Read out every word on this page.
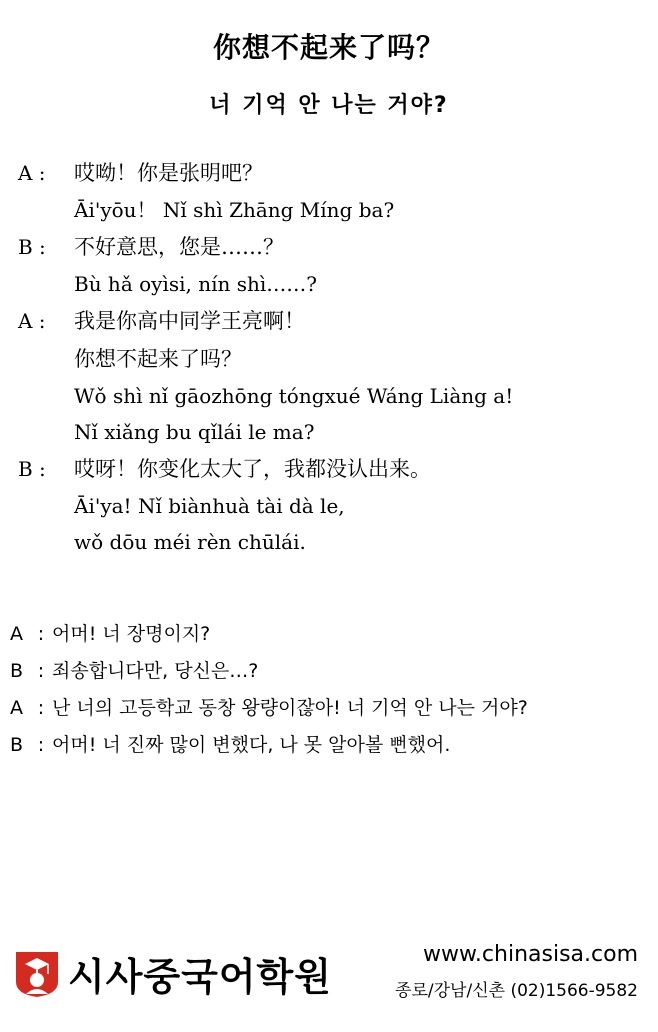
你想不起来了吗？
너 기억 안 나는 거야?
A :	哎呦！你是张明吧？
Āi'yōu！ Nǐ shì Zhāng Míng ba?
B :	不好意思，您是……？
Bù hǎ oyìsi, nín shì……?
A :	我是你高中同学王亮啊！
你想不起来了吗？
Wǒ shì nǐ gāozhōng tóngxué Wáng Liàng a!
Nǐ xiǎng bu qǐlái le ma?
B :	哎呀！你变化太大了，我都没认出来。
Āi'ya! Nǐ biànhuà tài dà le,
wǒ dōu méi rèn chūlái.
A : 어머! 너 장명이지?
B : 죄송합니다만, 당신은…?
A : 난 너의 고등학교 동창 왕량이잖아! 너 기억 안 나는 거야?
B : 어머! 너 진짜 많이 변했다, 나 못 알아볼 뻔했어.
시사중국어학원
www.chinasisa.com
종로/강남/신촌 (02)1566-9582
